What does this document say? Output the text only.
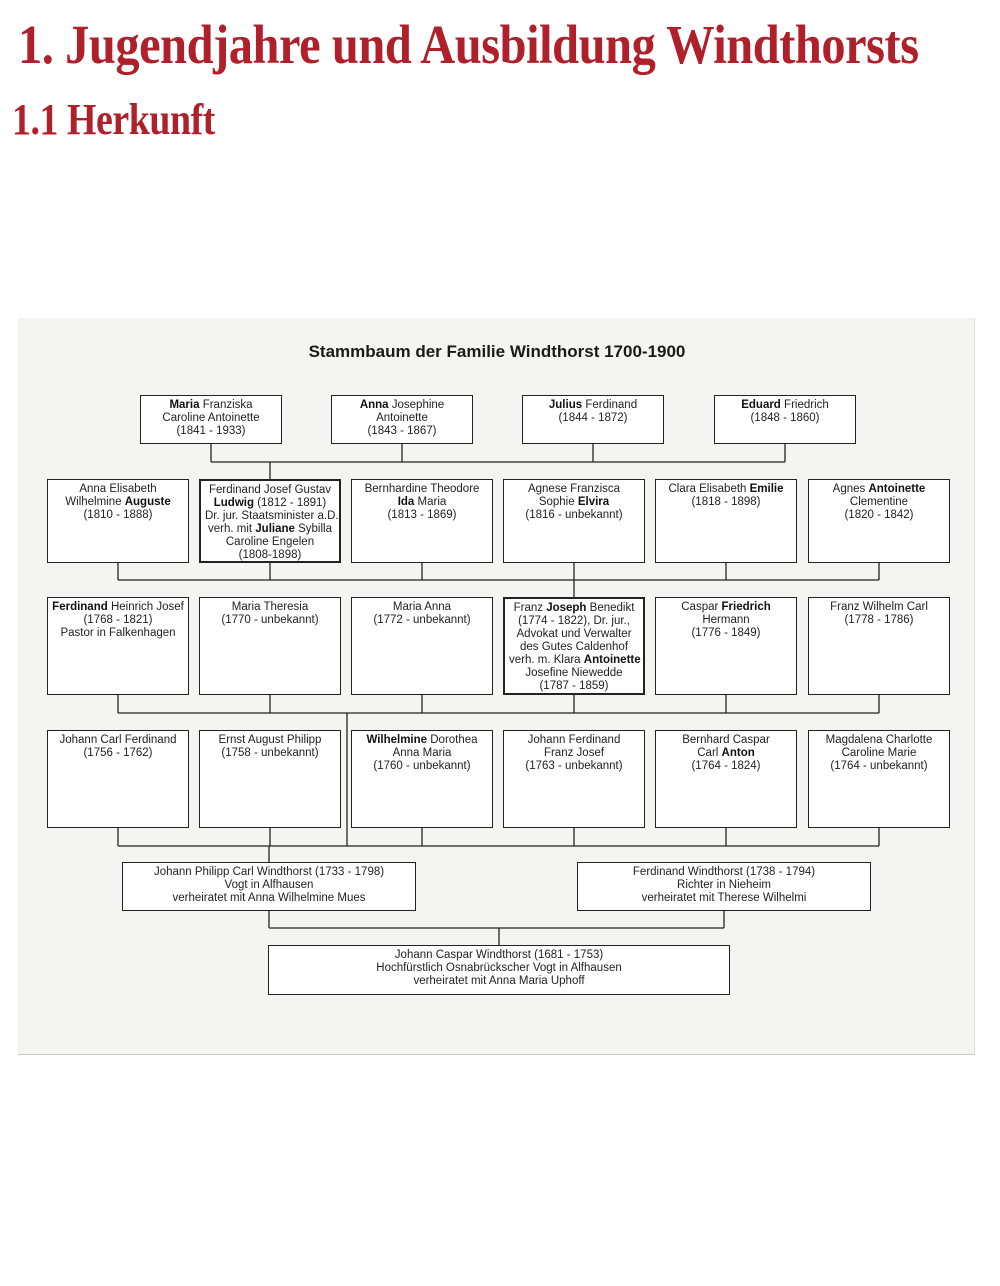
1. Jugendjahre und Ausbildung Windthorsts
1.1 Herkunft
Stammbaum der Familie Windthorst 1700-1900
Maria Franziska
Caroline Antoinette
(1841 - 1933)
Anna Josephine
Antoinette
(1843 - 1867)
Julius Ferdinand
(1844 - 1872)
Eduard Friedrich
(1848 - 1860)
Anna Elisabeth
Wilhelmine Auguste
(1810 - 1888)
Ferdinand Josef Gustav
Ludwig (1812 - 1891)
Dr. jur. Staatsminister a.D.
verh. mit Juliane Sybilla
Caroline Engelen
(1808-1898)
Bernhardine Theodore
Ida Maria
(1813 - 1869)
Agnese Franzisca
Sophie Elvira
(1816 - unbekannt)
Clara Elisabeth Emilie
(1818 - 1898)
Agnes Antoinette
Clementine
(1820 - 1842)
Ferdinand Heinrich Josef
(1768 - 1821)
Pastor in Falkenhagen
Maria Theresia
(1770 - unbekannt)
Maria Anna
(1772 - unbekannt)
Franz Joseph Benedikt
(1774 - 1822), Dr. jur.,
Advokat und Verwalter
des Gutes Caldenhof
verh. m. Klara Antoinette
Josefine Niewedde
(1787 - 1859)
Caspar Friedrich
Hermann
(1776 - 1849)
Franz Wilhelm Carl
(1778 - 1786)
Johann Carl Ferdinand
(1756 - 1762)
Ernst August Philipp
(1758 - unbekannt)
Wilhelmine Dorothea
Anna Maria
(1760 - unbekannt)
Johann Ferdinand
Franz Josef
(1763 - unbekannt)
Bernhard Caspar
Carl Anton
(1764 - 1824)
Magdalena Charlotte
Caroline Marie
(1764 - unbekannt)
Johann Philipp Carl Windthorst (1733 - 1798)
Vogt in Alfhausen
verheiratet mit Anna Wilhelmine Mues
Ferdinand Windthorst (1738 - 1794)
Richter in Nieheim
verheiratet mit Therese Wilhelmi
Johann Caspar Windthorst (1681 - 1753)
Hochfürstlich Osnabrückscher Vogt in Alfhausen
verheiratet mit Anna Maria Uphoff
